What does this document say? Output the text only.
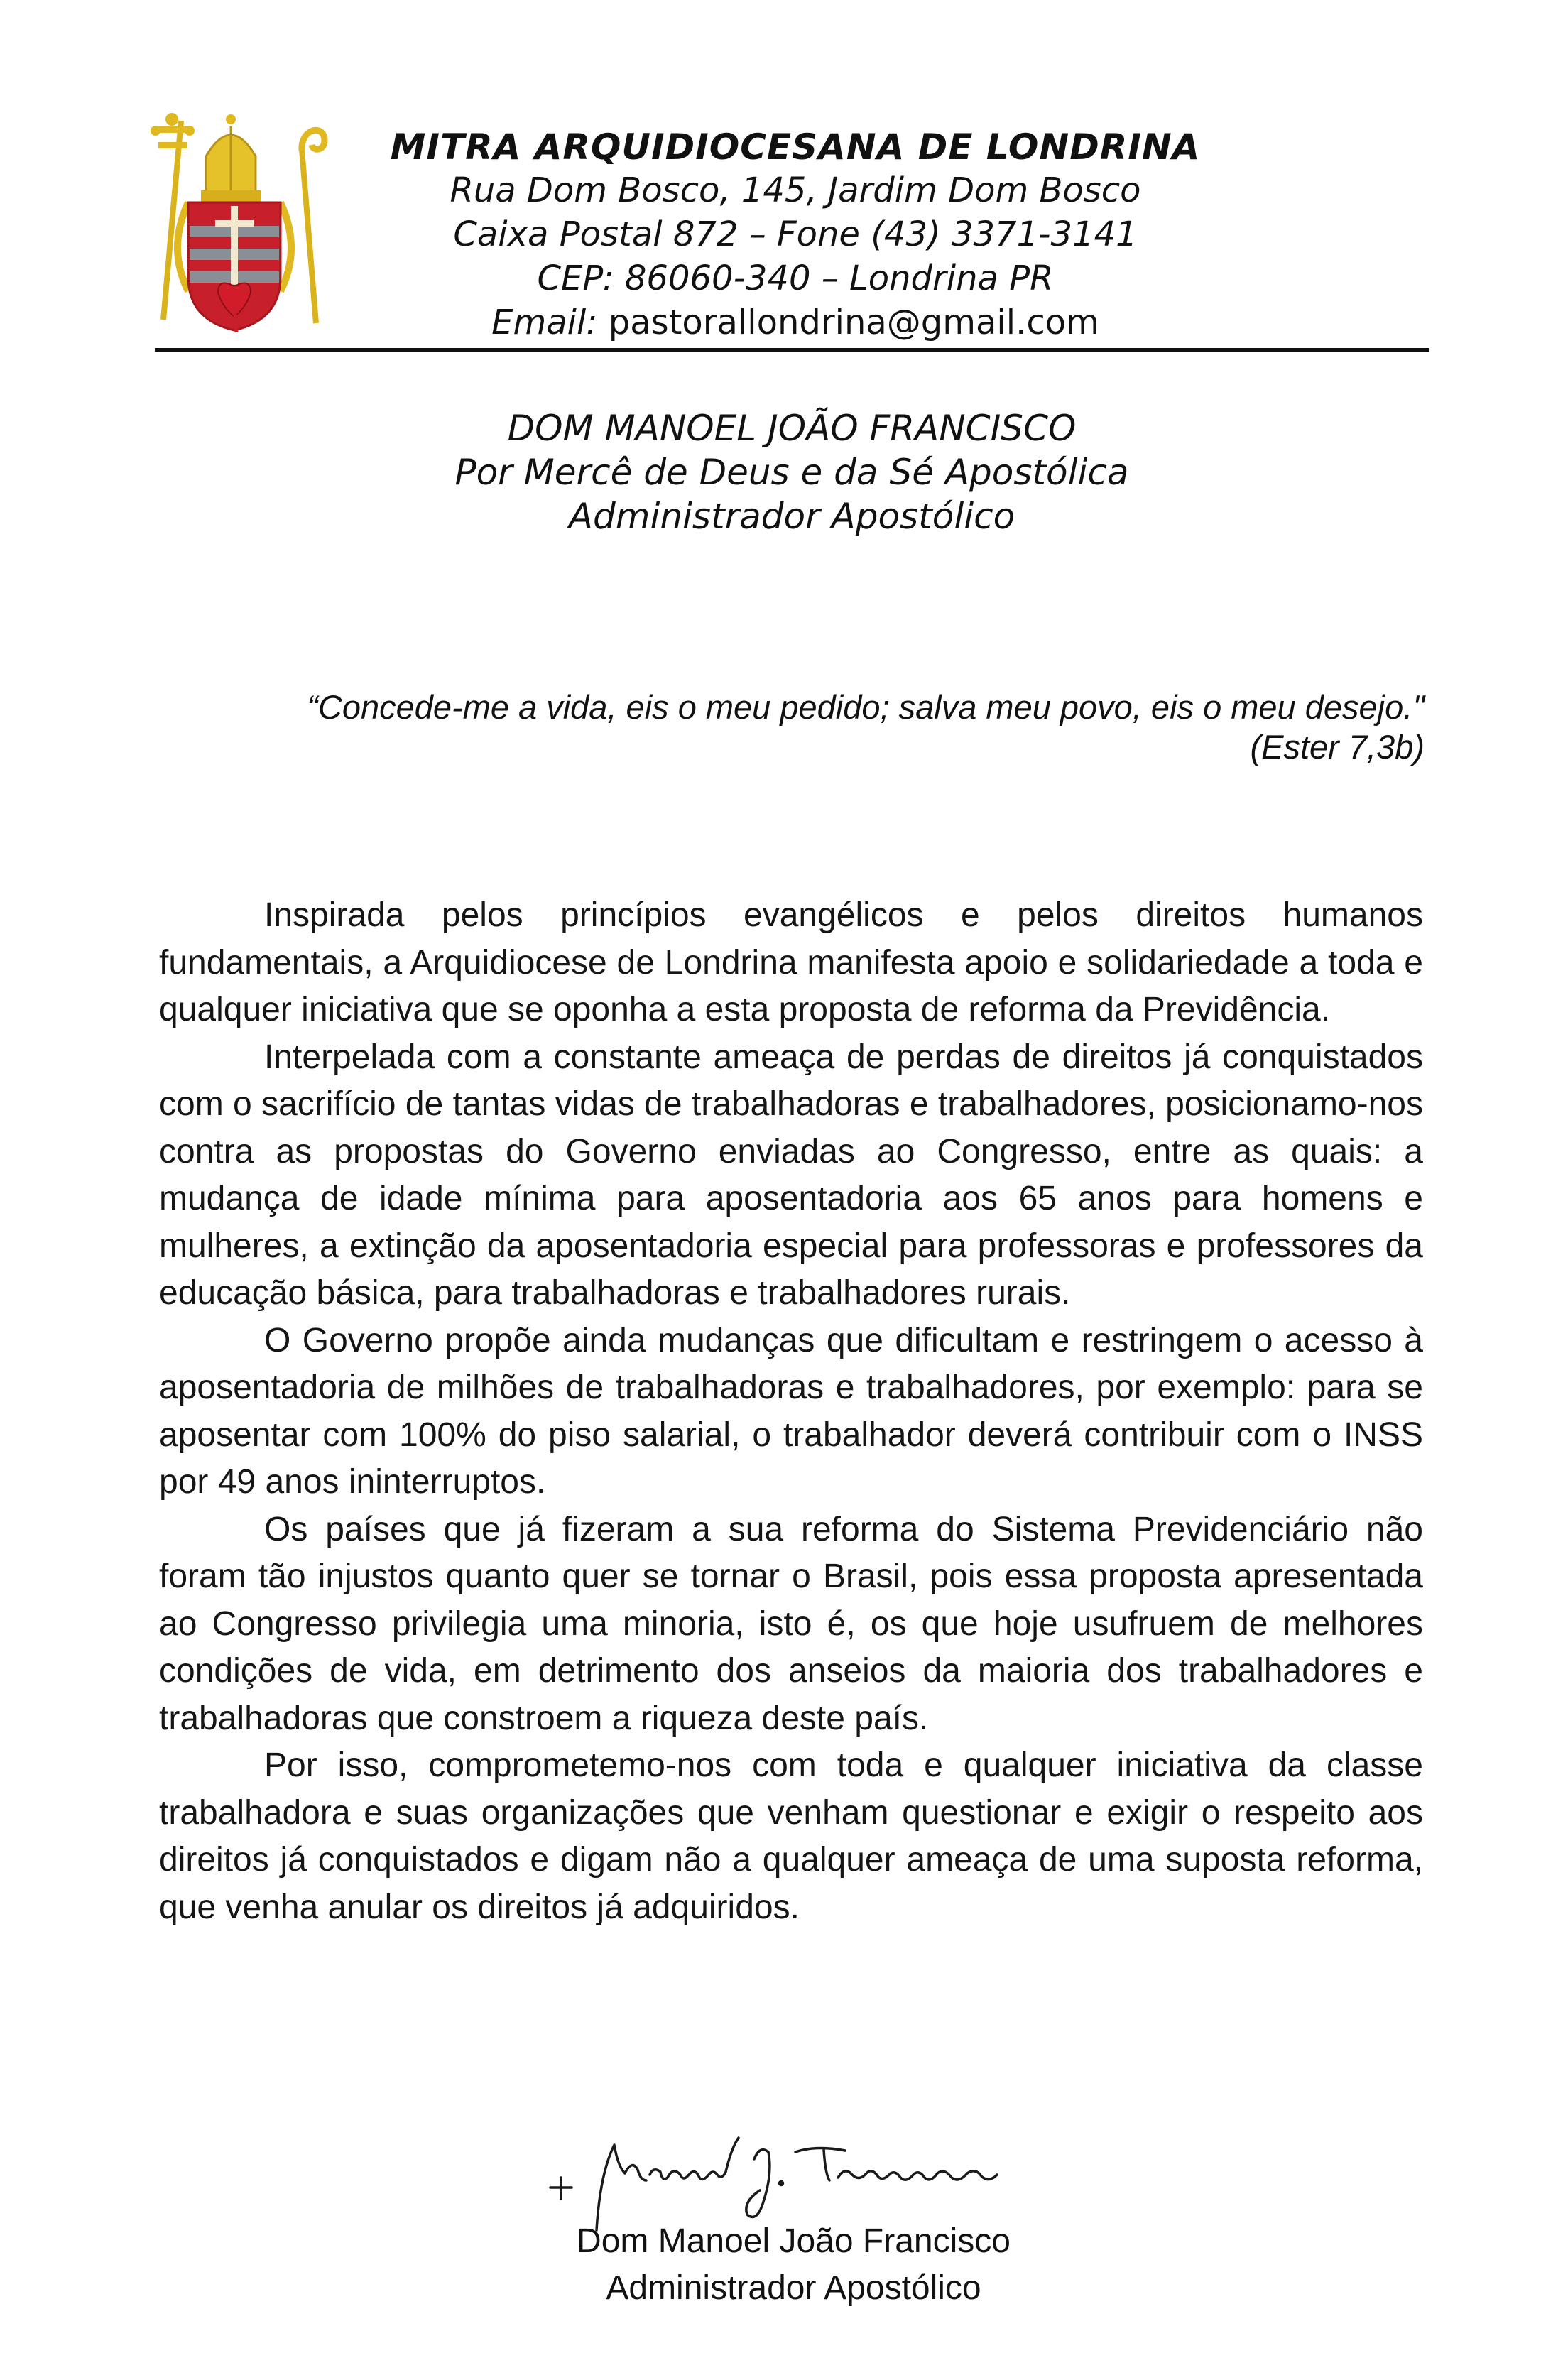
MITRA ARQUIDIOCESANA DE LONDRINA
Rua Dom Bosco, 145, Jardim Dom Bosco
Caixa Postal 872 – Fone (43) 3371-3141
CEP: 86060-340 – Londrina PR
Email: pastorallondrina@gmail.com
DOM MANOEL JOÃO FRANCISCO
Por Mercê de Deus e da Sé Apostólica
Administrador Apostólico
“Concede-me a vida, eis o meu pedido; salva meu povo, eis o meu desejo."
(Ester 7,3b)

Inspirada pelos princípios evangélicos e pelos direitos humanos fundamentais, a Arquidiocese de Londrina manifesta apoio e solidariedade a toda e qualquer iniciativa que se oponha a esta proposta de reforma da Previdência.

Interpelada com a constante ameaça de perdas de direitos já conquistados com o sacrifício de tantas vidas de trabalhadoras e trabalhadores, posicionamo-nos contra as propostas do Governo enviadas ao Congresso, entre as quais: a mudança de idade mínima para aposentadoria aos 65 anos para homens e mulheres, a extinção da aposentadoria especial para professoras e professores da educação básica, para trabalhadoras e trabalhadores rurais.

O Governo propõe ainda mudanças que dificultam e restringem o acesso à aposentadoria de milhões de trabalhadoras e trabalhadores, por exemplo: para se aposentar com 100% do piso salarial, o trabalhador deverá contribuir com o INSS por 49 anos ininterruptos.

Os países que já fizeram a sua reforma do Sistema Previdenciário não foram tão injustos quanto quer se tornar o Brasil, pois essa proposta apresentada ao Congresso privilegia uma minoria, isto é, os que hoje usufruem de melhores condições de vida, em detrimento dos anseios da maioria dos trabalhadores e trabalhadoras que constroem a riqueza deste país.

Por isso, comprometemo-nos com toda e qualquer iniciativa da classe trabalhadora e suas organizações que venham questionar e exigir o respeito aos direitos já conquistados e digam não a qualquer ameaça de uma suposta reforma, que venha anular os direitos já adquiridos.

Dom Manoel João Francisco
Administrador Apostólico
